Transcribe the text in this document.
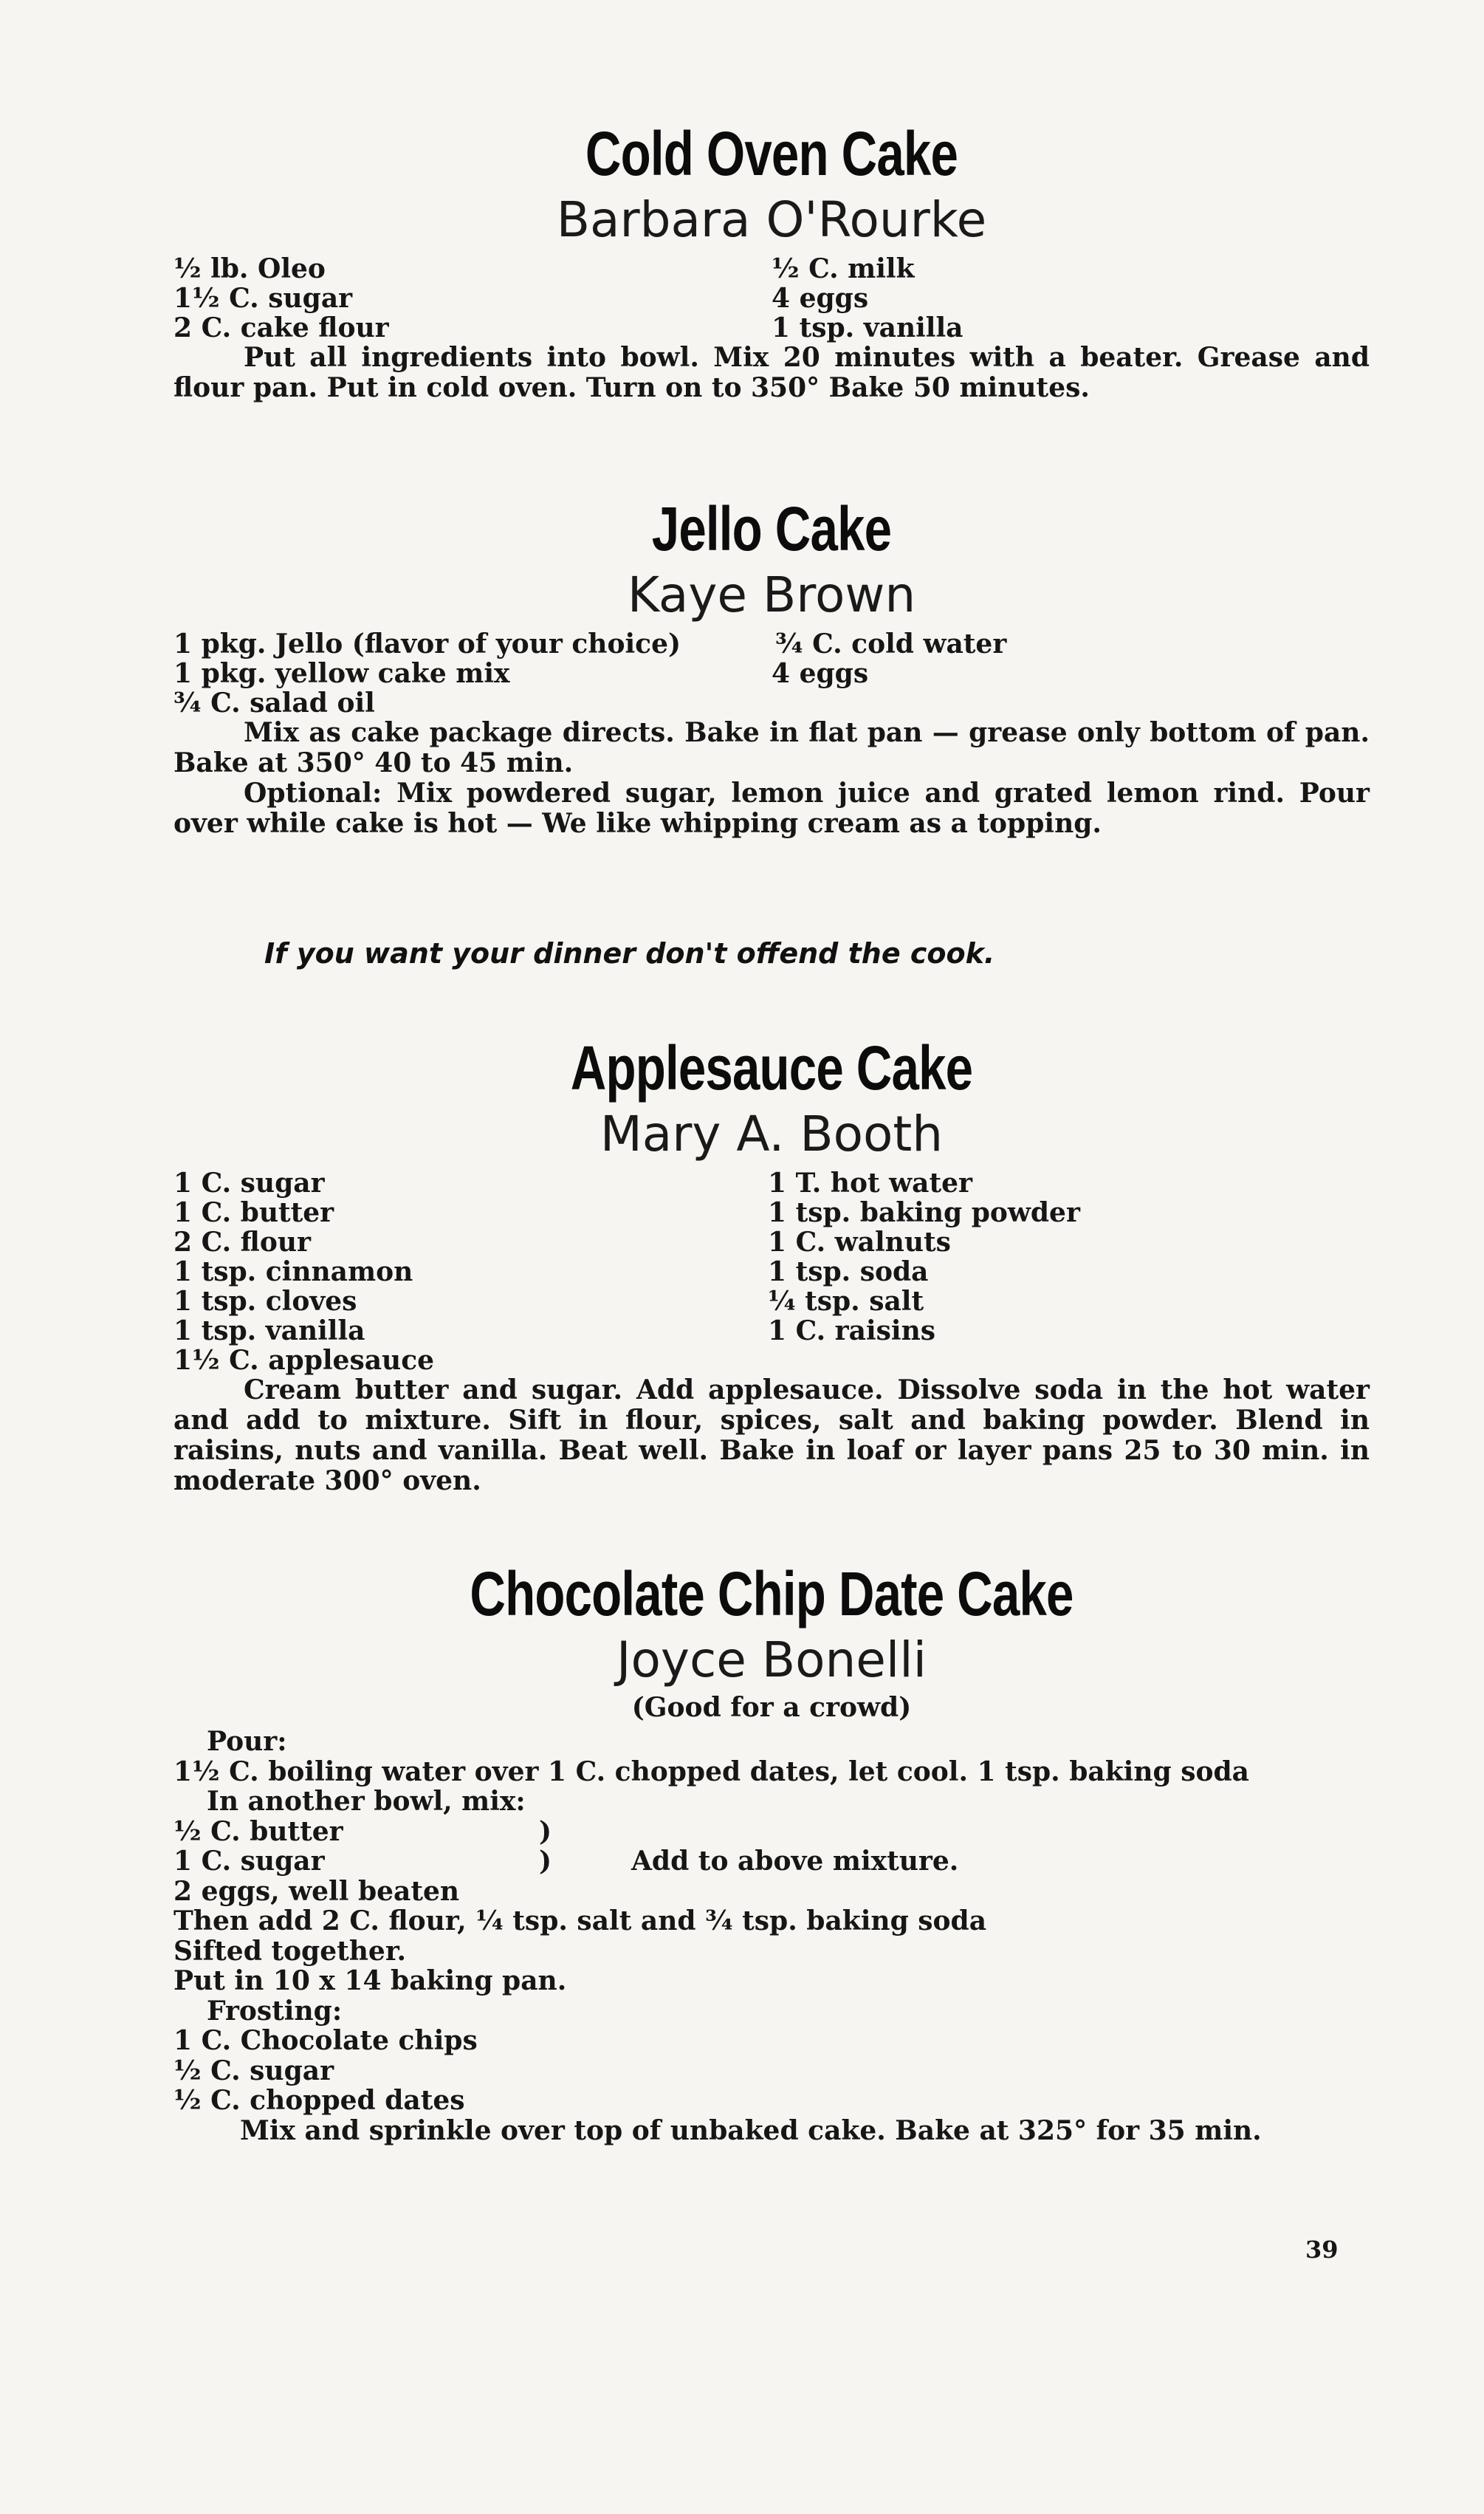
Cold Oven Cake
Barbara O'Rourke
½ lb. Oleo	½ C. milk
1½ C. sugar	4 eggs
2 C. cake flour	1 tsp. vanilla
Put all ingredients into bowl. Mix 20 minutes with a beater. Grease and flour pan. Put in cold oven. Turn on to 350° Bake 50 minutes.
Jello Cake
Kaye Brown
1 pkg. Jello (flavor of your choice)	¾ C. cold water
1 pkg. yellow cake mix	4 eggs
¾ C. salad oil
Mix as cake package directs. Bake in flat pan — grease only bottom of pan. Bake at 350° 40 to 45 min.
Optional: Mix powdered sugar, lemon juice and grated lemon rind. Pour over while cake is hot — We like whipping cream as a topping.
If you want your dinner don't offend the cook.
Applesauce Cake
Mary A. Booth
1 C. sugar	1 T. hot water
1 C. butter	1 tsp. baking powder
2 C. flour	1 C. walnuts
1 tsp. cinnamon	1 tsp. soda
1 tsp. cloves	¼ tsp. salt
1 tsp. vanilla	1 C. raisins
1½ C. applesauce
Cream butter and sugar. Add applesauce. Dissolve soda in the hot water and add to mixture. Sift in flour, spices, salt and baking powder. Blend in raisins, nuts and vanilla. Beat well. Bake in loaf or layer pans 25 to 30 min. in moderate 300° oven.
Chocolate Chip Date Cake
Joyce Bonelli
(Good for a crowd)
Pour:
1½ C. boiling water over 1 C. chopped dates, let cool. 1 tsp. baking soda
In another bowl, mix:
½ C. butter	)
1 C. sugar	)	Add to above mixture.
2 eggs, well beaten
Then add 2 C. flour, ¼ tsp. salt and ¾ tsp. baking soda
Sifted together.
Put in 10 x 14 baking pan.
Frosting:
1 C. Chocolate chips
½ C. sugar
½ C. chopped dates
Mix and sprinkle over top of unbaked cake. Bake at 325° for 35 min.
39
